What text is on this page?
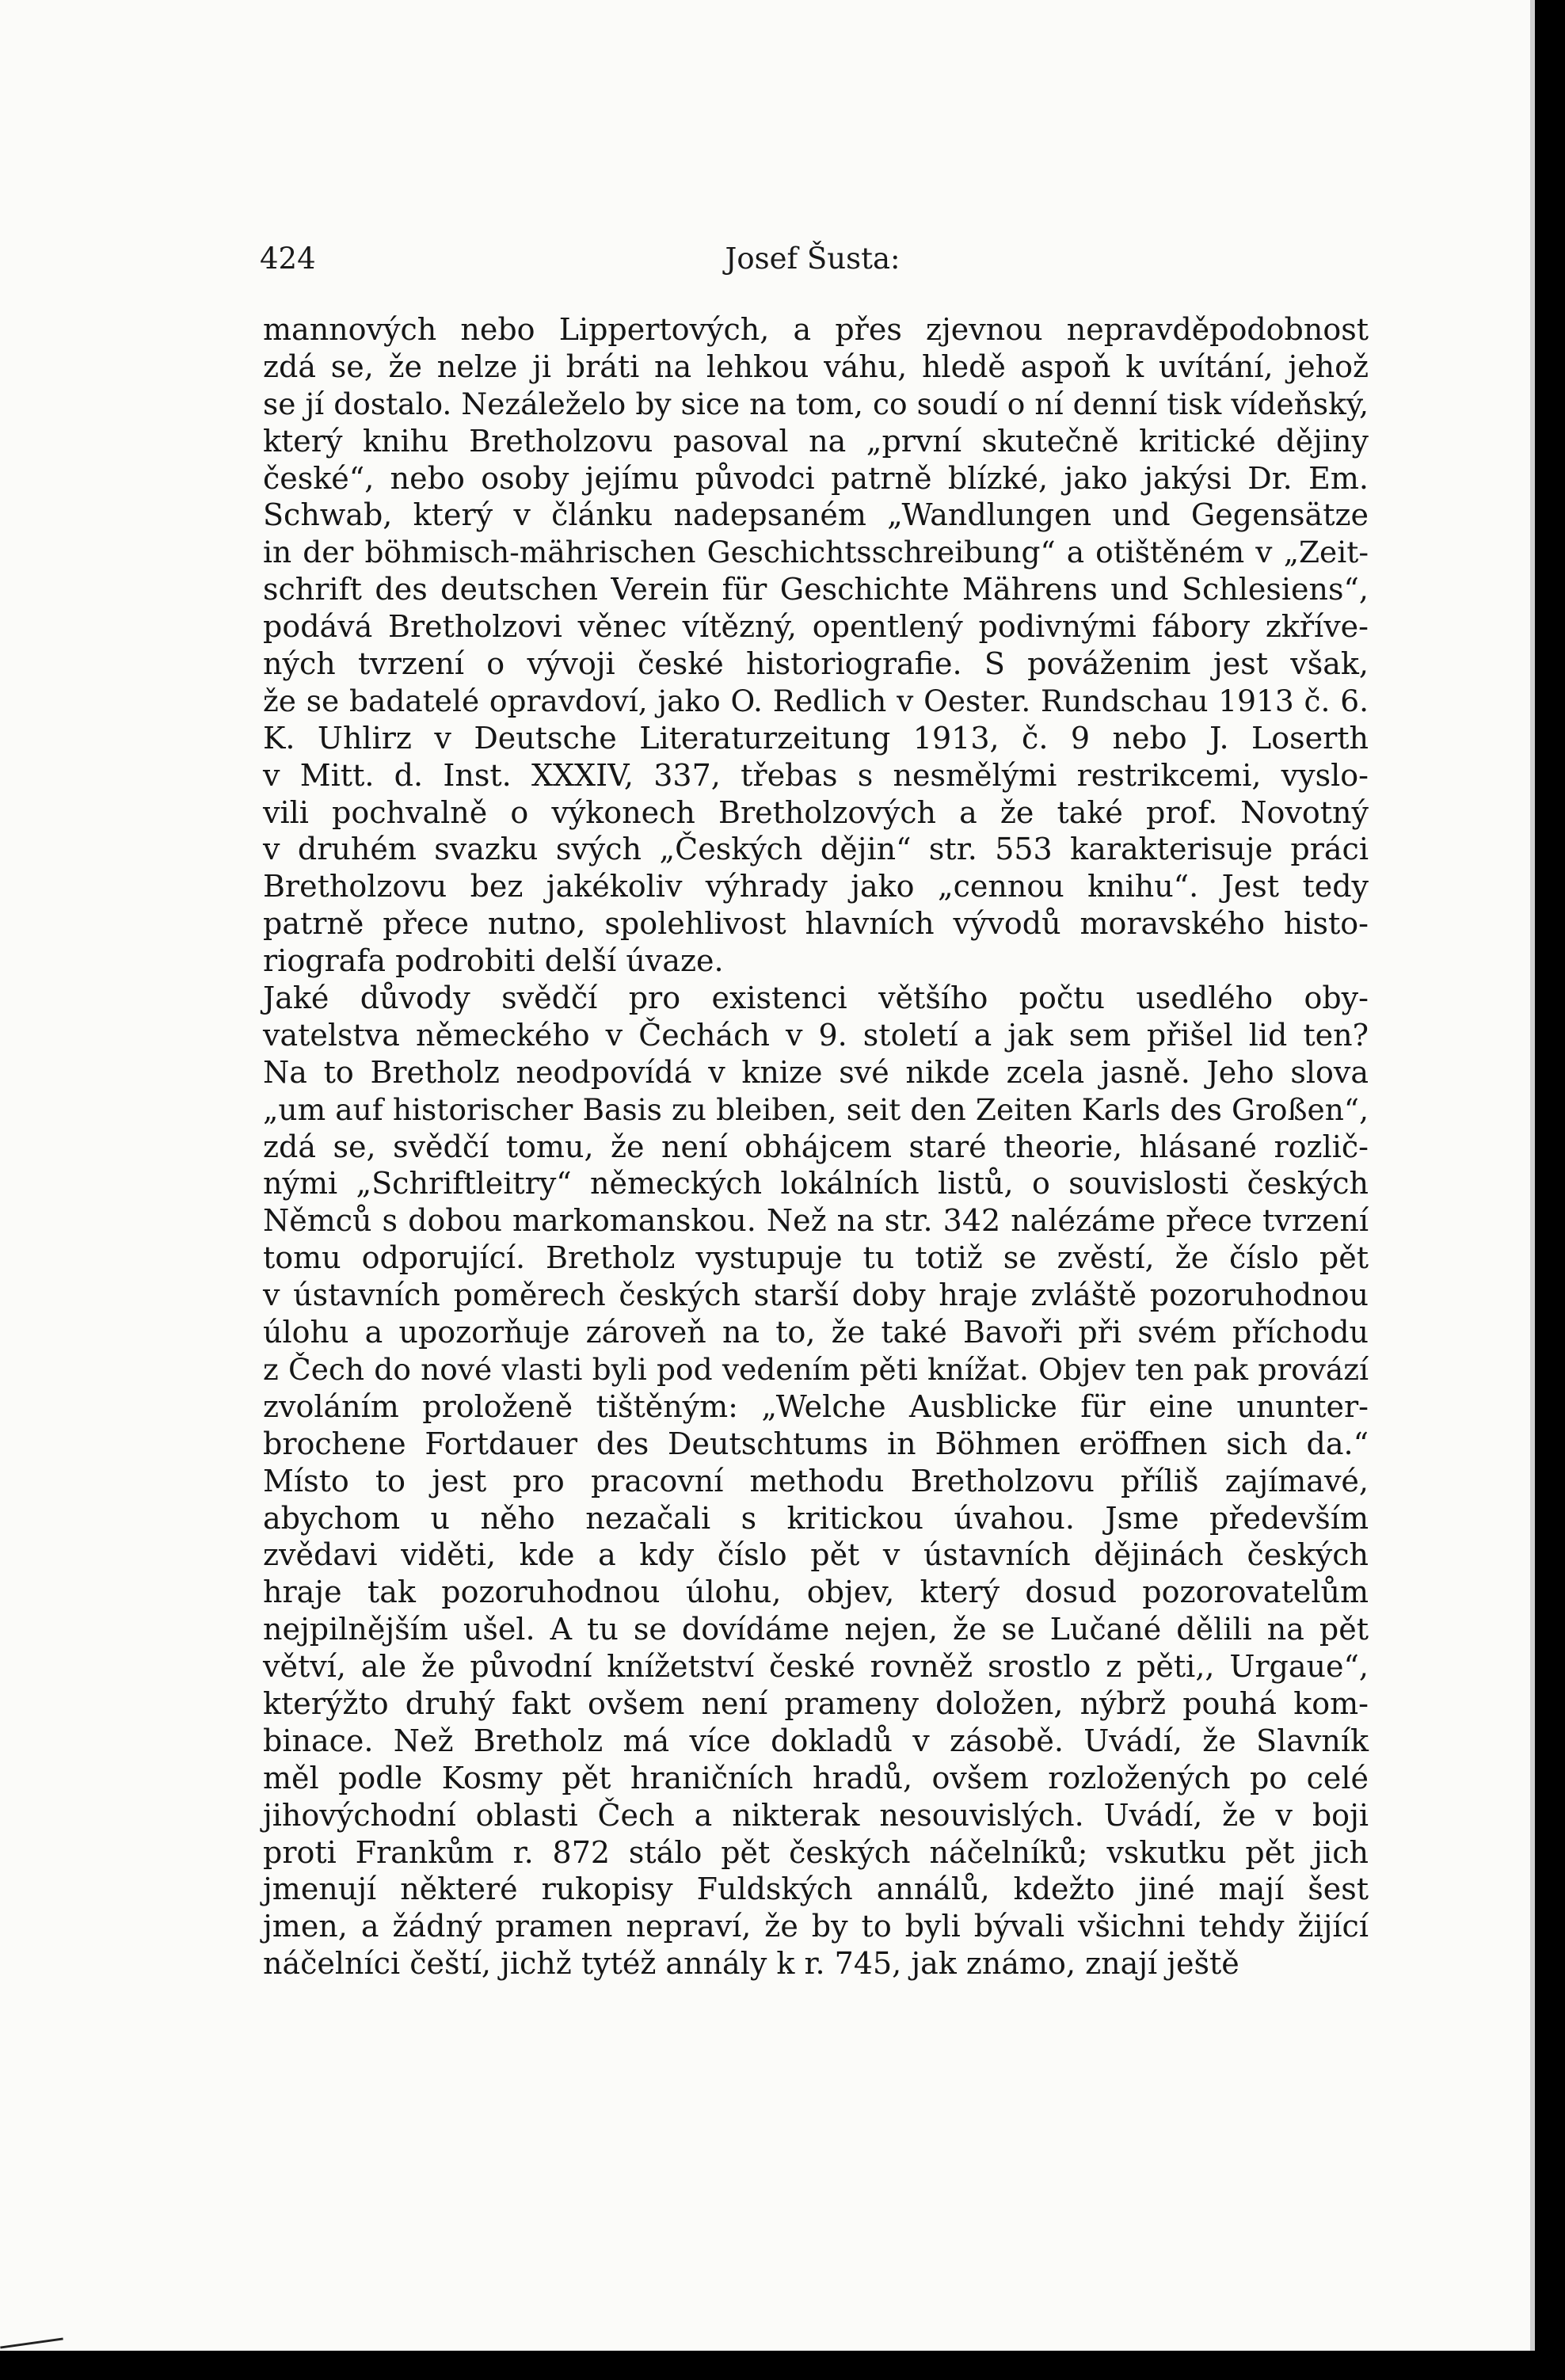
424	Josef Šusta:
mannových nebo Lippertových, a přes zjevnou nepravděpodobnost
zdá se, že nelze ji bráti na lehkou váhu, hledě aspoň k uvítání, jehož
se jí dostalo. Nezáleželo by sice na tom, co soudí o ní denní tisk vídeňský,
který knihu Bretholzovu pasoval na „první skutečně kritické dějiny
české“, nebo osoby jejímu původci patrně blízké, jako jakýsi Dr. Em.
Schwab, který v článku nadepsaném „Wandlungen und Gegensätze
in der böhmisch-mährischen Geschichtsschreibung“ a otištěném v „Zeit-
schrift des deutschen Verein für Geschichte Mährens und Schlesiens“,
podává Bretholzovi věnec vítězný, opentlený podivnými fábory zkříve-
ných tvrzení o vývoji české historiografie. S pováženim jest však,
že se badatelé opravdoví, jako O. Redlich v Oester. Rundschau 1913 č. 6.
K. Uhlirz v Deutsche Literaturzeitung 1913, č. 9 nebo J. Loserth
v Mitt. d. Inst. XXXIV, 337, třebas s nesmělými restrikcemi, vyslo-
vili pochvalně o výkonech Bretholzových a že také prof. Novotný
v druhém svazku svých „Českých dějin“ str. 553 karakterisuje práci
Bretholzovu bez jakékoliv výhrady jako „cennou knihu“. Jest tedy
patrně přece nutno, spolehlivost hlavních vývodů moravského histo-
riografa podrobiti delší úvaze.
Jaké důvody svědčí pro existenci většího počtu usedlého oby-
vatelstva německého v Čechách v 9. století a jak sem přišel lid ten?
Na to Bretholz neodpovídá v knize své nikde zcela jasně. Jeho slova
„um auf historischer Basis zu bleiben, seit den Zeiten Karls des Großen“,
zdá se, svědčí tomu, že není obhájcem staré theorie, hlásané rozlič-
nými „Schriftleitry“ německých lokálních listů, o souvislosti českých
Němců s dobou markomanskou. Než na str. 342 nalézáme přece tvrzení
tomu odporující. Bretholz vystupuje tu totiž se zvěstí, že číslo pět
v ústavních poměrech českých starší doby hraje zvláště pozoruhodnou
úlohu a upozorňuje zároveň na to, že také Bavoři při svém příchodu
z Čech do nové vlasti byli pod vedením pěti knížat. Objev ten pak provází
zvoláním proloženě tištěným: „Welche Ausblicke für eine ununter-
brochene Fortdauer des Deutschtums in Böhmen eröffnen sich da.“
Místo to jest pro pracovní methodu Bretholzovu příliš zajímavé,
abychom u něho nezačali s kritickou úvahou. Jsme především
zvědavi viděti, kde a kdy číslo pět v ústavních dějinách českých
hraje tak pozoruhodnou úlohu, objev, který dosud pozorovatelům
nejpilnějším ušel. A tu se dovídáme nejen, že se Lučané dělili na pět
větví, ale že původní knížetství české rovněž srostlo z pěti,, Urgaue“,
kterýžto druhý fakt ovšem není prameny doložen, nýbrž pouhá kom-
binace. Než Bretholz má více dokladů v zásobě. Uvádí, že Slavník
měl podle Kosmy pět hraničních hradů, ovšem rozložených po celé
jihovýchodní oblasti Čech a nikterak nesouvislých. Uvádí, že v boji
proti Frankům r. 872 stálo pět českých náčelníků; vskutku pět jich
jmenují některé rukopisy Fuldských annálů, kdežto jiné mají šest
jmen, a žádný pramen nepraví, že by to byli bývali všichni tehdy žijící
náčelníci čeští, jichž tytéž annály k r. 745, jak známo, znají ještě
